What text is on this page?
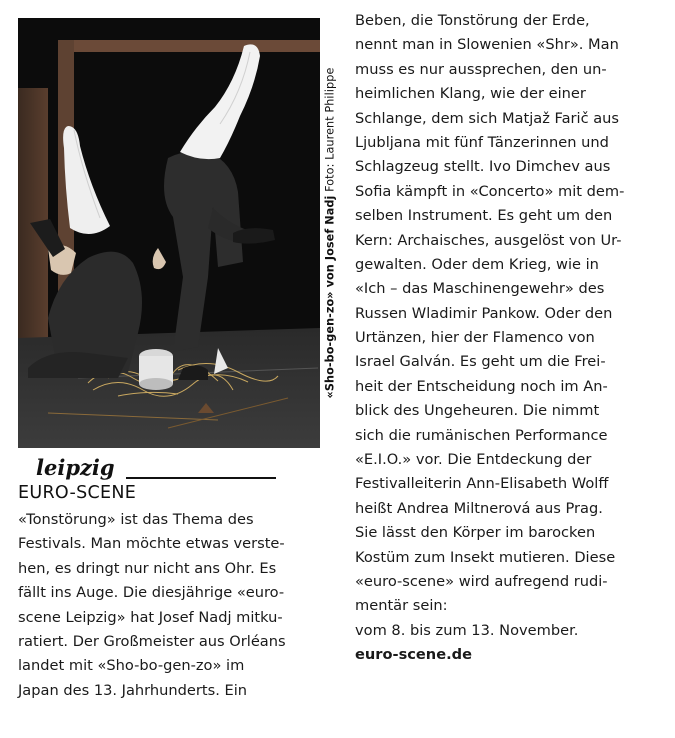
«Sho-bo-gen-zo» von Josef Nadj Foto: Laurent Philippe
leipzig
EURO-SCENE
«Tonstörung» ist das Thema des
Festivals. Man möchte etwas verste-
hen, es dringt nur nicht ans Ohr. Es
fällt ins Auge. Die diesjährige «euro-
scene Leipzig» hat Josef Nadj mitku-
ratiert. Der Großmeister aus Orléans
landet mit «Sho-bo-gen-zo» im
Japan des 13. Jahrhunderts. Ein
Beben, die Tonstörung der Erde,
nennt man in Slowenien «Shr». Man
muss es nur aussprechen, den un-
heimlichen Klang, wie der einer
Schlange, dem sich Matjaž Farič aus
Ljubljana mit fünf Tänzerinnen und
Schlagzeug stellt. Ivo Dimchev aus
Sofia kämpft in «Concerto» mit dem-
selben Instrument. Es geht um den
Kern: Archaisches, ausgelöst von Ur-
gewalten. Oder dem Krieg, wie in
«Ich – das Maschinengewehr» des
Russen Wladimir Pankow. Oder den
Urtänzen, hier der Flamenco von
Israel Galván. Es geht um die Frei-
heit der Entscheidung noch im An-
blick des Ungeheuren. Die nimmt
sich die rumänischen Performance
«E.I.O.» vor. Die Entdeckung der
Festivalleiterin Ann-Elisabeth Wolff
heißt Andrea Miltnerová aus Prag.
Sie lässt den Körper im barocken
Kostüm zum Insekt mutieren. Diese
«euro-scene» wird aufregend rudi-
mentär sein:
vom 8. bis zum 13. November.
euro-scene.de
